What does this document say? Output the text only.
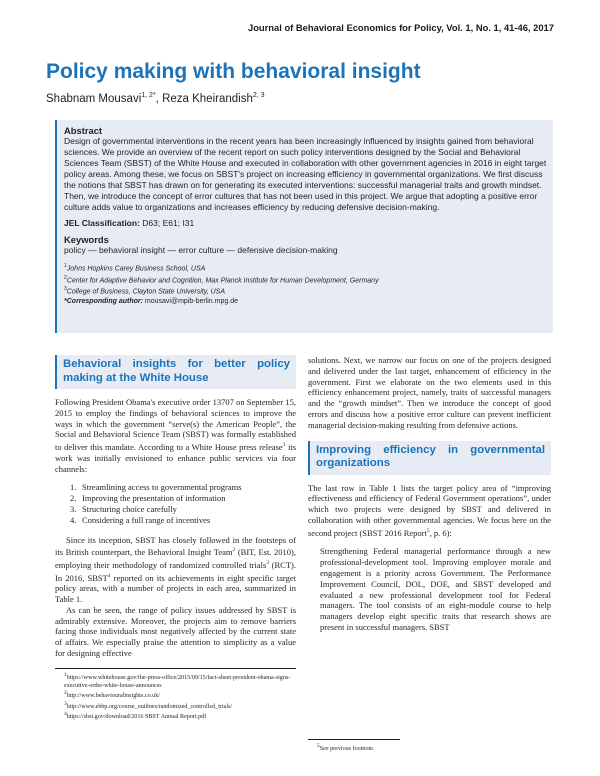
Journal of Behavioral Economics for Policy, Vol. 1, No. 1, 41-46, 2017
Policy making with behavioral insight
Shabnam Mousavi$^{1, 2*}$, Reza Kheirandish$^{2, 3}$
Abstract
Design of governmental interventions in the recent years has been increasingly influenced by insights gained from behavioral sciences. We provide an overview of the recent report on such policy interventions designed by the Social and Behavioral Sciences Team (SBST) of the White House and executed in collaboration with other government agencies in 2016 in eight target policy areas. Among these, we focus on SBST's project on increasing efficiency in governmental organizations. We first discuss the notions that SBST has drawn on for generating its executed interventions: successful managerial traits and growth mindset. Then, we introduce the concept of error cultures that has not been used in this project. We argue that adopting a positive error culture adds value to organizations and increases efficiency by reducing defensive decision-making.
JEL Classification: D63; E61; I31
Keywords
policy — behavioral insight — error culture — defensive decision-making
$^1$Johns Hopkins Carey Business School, USA
$^2$Center for Adaptive Behavior and Cognition, Max Planck Institute for Human Development, Germany
$^3$College of Business, Clayton State University, USA
*Corresponding author: mousavi@mpib-berlin.mpg.de
Behavioral insights for better policy making at the White House

Following President Obama's executive order 13707 on September 15, 2015 to employ the findings of behavioral sciences to improve the ways in which the government “serve(s) the American People”, the Social and Behavioral Science Team (SBST) was formally established to deliver this mandate. According to a White House press release$^1$ its work was initially envisioned to enhance public services via four channels:

1. Streamlining access to governmental programs
2. Improving the presentation of information
3. Structuring choice carefully
4. Considering a full range of incentives

Since its inception, SBST has closely followed in the footsteps of its British counterpart, the Behavioral Insight Team$^2$ (BIT, Est. 2010), employing their methodology of randomized controlled trials$^3$ (RCT). In 2016, SBST$^4$ reported on its achievements in eight specific target policy areas, with a number of projects in each area, summarized in Table 1.

As can be seen, the range of policy issues addressed by SBST is admirably extensive. Moreover, the projects aim to remove barriers facing those individuals most negatively affected by the current state of affairs. We especially praise the attention to simplicity as a value for designing effective

$^1$https://www.whitehouse.gov/the-press-office/2015/09/15/fact-sheet-president-obama-signs-executive-order-white-house-announces
$^2$http://www.behaviouralinsights.co.uk/
$^3$http://www.ebbp.org/course_outlines/randomized_controlled_trials/
$^4$https://sbst.gov/download/2016 SBST Annual Report.pdf

solutions. Next, we narrow our focus on one of the projects designed and delivered under the last target, enhancement of efficiency in the government. First we elaborate on the two elements used in this efficiency enhancement project, namely, traits of successful managers and the “growth mindset”. Then we introduce the concept of good errors and discuss how a positive error culture can prevent inefficient managerial decision-making resulting from defensive actions.

Improving efficiency in governmental organizations

The last row in Table 1 lists the target policy area of “improving effectiveness and efficiency of Federal Government operations”, under which two projects were designed by SBST and delivered in collaboration with other governmental agencies. We focus here on the second project (SBST 2016 Report$^5$, p. 6):

Strengthening Federal managerial performance through a new professional-development tool. Improving employee morale and engagement is a priority across Government. The Performance Improvement Council, DOL, DOE, and SBST developed and evaluated a new professional development tool for Federal managers. The tool consists of an eight-module course to help managers develop eight specific traits that research shows are present in successful managers. SBST

$^5$See previous footnote.
